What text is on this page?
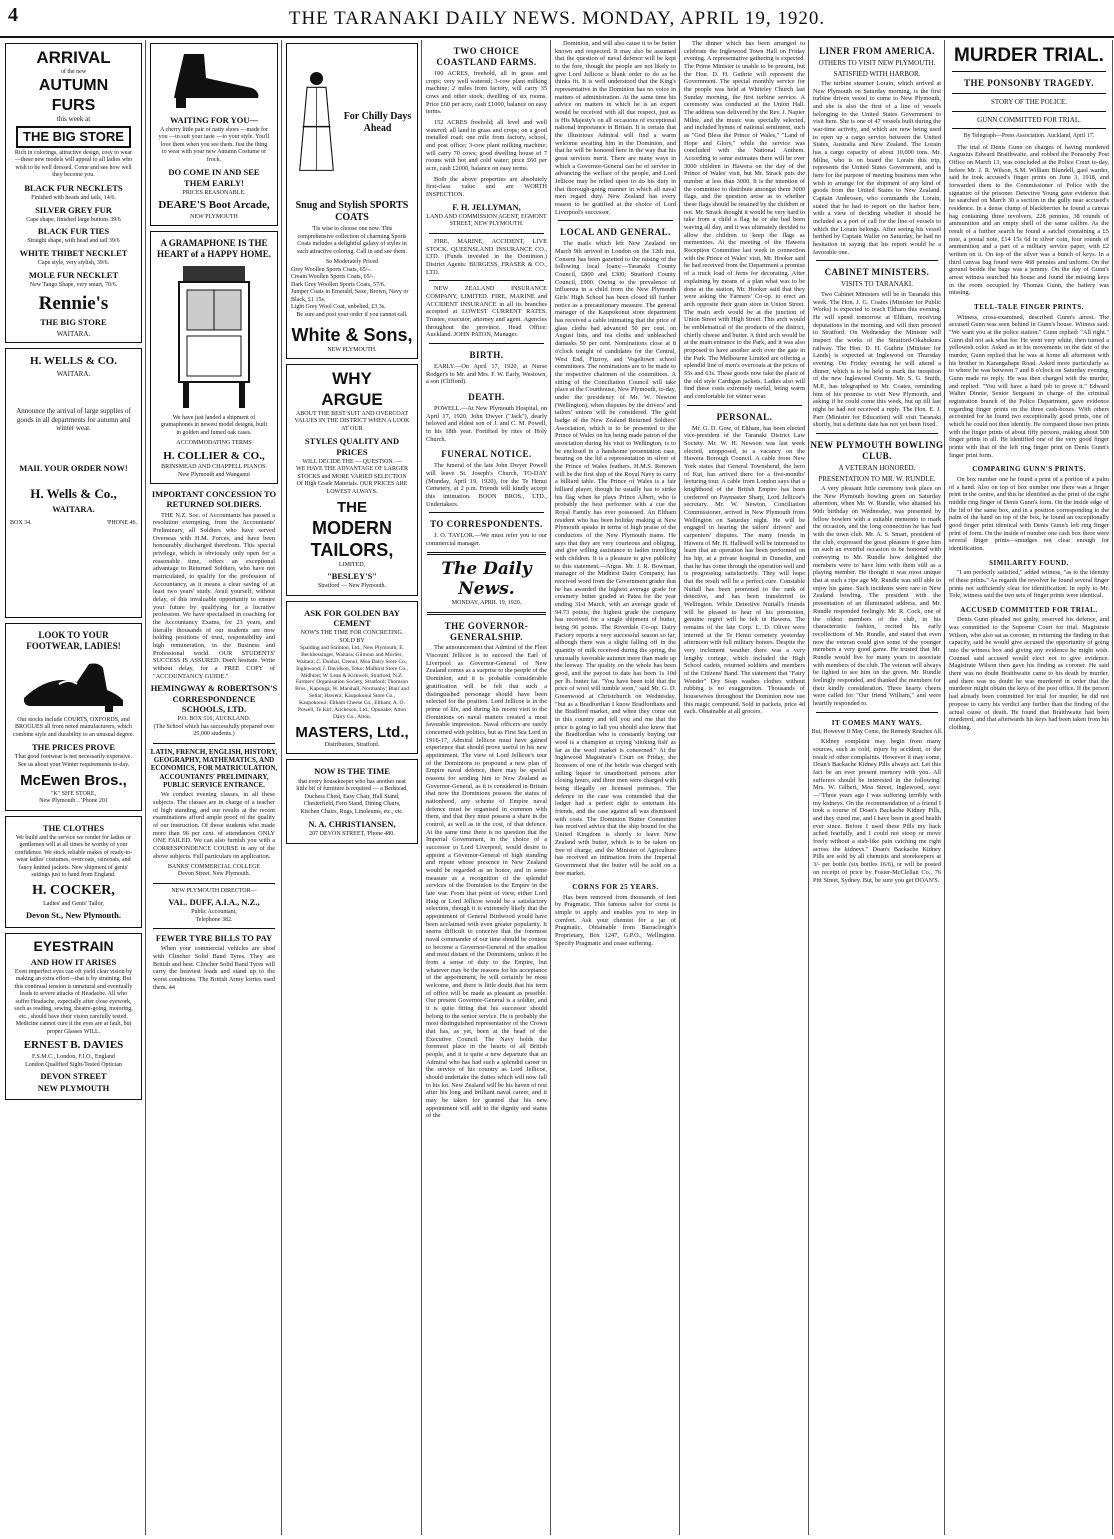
4	THE TARANAKI DAILY NEWS. MONDAY, APRIL 19, 1920.
ARRIVAL
of the new
AUTUMN
FURS
this week at
THE BIG STORE

Rich in colorings, attractive design, cosy to wear—these new models will appeal to all ladies who wish to be well dressed. Come and see how well they become you.

BLACK FUR NECKLETS
Finished with heads and tails, 14/6.
SILVER GREY FUR
Cape shape, finished large buttons 39/6
BLACK FUR TIES
Straight shape, with head and tail 39/6
WHITE THIBET NECKLET
Cape style, very stylish, 39/6.
MOLE FUR NECKLET
New Tango Shape, very smart, 70/6.
Rennie's
THE BIG STORE
WAITARA.
H. WELLS & CO.
WAITARA.

Announce the arrival of large supplies of goods in all departments for autumn and winter wear.

MAIL YOUR ORDER NOW!
H. Wells & Co.,
WAITARA.
BOX 34.	'PHONE 46.
LOOK TO YOUR FOOTWEAR, LADIES!

Our stocks include COURTS, OXFORDS, and BROGUES all from noted manufacturers, which combine style and durability to an unusual degree.

THE PRICES PROVE

That good footwear is not necessarily expensive. See us about your Winter requirements to-day.

McEwen Bros.,
"K" SH'E STORE,
New Plymouth .. 'Phone 201
THE CLOTHES

We build and the service we render for ladies or gentlemen will at all times be worthy of your confidence. We stock reliable makes of ready-to-wear ladies' costumes, overcoats, raincoats, and fancy knitted jackets. New shipment of gents' suitings just to hand from England.

H. COCKER,
Ladies' and Gents' Tailor,
Devon St., New Plymouth.
EYESTRAIN
AND HOW IT ARISES

Even imperfect eyes can oft yield clear vision by making an extra effort—that is by straining. But this continual tension is unnatural and eventually leads to severe attacks of Headache. All who suffer Headache, especially after close eyework, such as reading, sewing, theatre-going, motoring, etc., should have their vision carefully tested. Medicine cannot cure it the eyes are at fault, but proper Glasses WILL.

ERNEST B. DAVIES
F.S.M.C., London, F.I.O., England
London Qualified Sight-Tested Optician
DEVON STREET
NEW PLYMOUTH
WAITING FOR YOU—

A cherry little pair of natty shoes —made for you —to suit your taste —to your style. You'll love them when you see them. Just the thing to wear with your new Autumn Costume or frock.

DO COME IN AND SEE THEM EARLY!
PRICES REASONABLE.
DEARE'S Boot Arcade,
NEW PLYMOUTH
A GRAMAPHONE IS THE HEART of a HAPPY HOME.

We have just landed a shipment of gramaphones in newest model designs, built in golden and fumed oak cases.

ACCOMMODATING TERMS
H. COLLIER & CO.,
BRINSMEAD AND CHAPPELL PIANOS.
New Plymouth and Wanganui
IMPORTANT CONCESSION TO RETURNED SOLDIERS.

THE N.Z. Soc. of Accountants has passed a resolution exempting, from the Accountants' Preliminary, all Soldiers who have served Overseas with H.M. Forces, and have been honourably discharged therefrom. This special privilege, which is obviously only open for a reasonable time, offers an exceptional advantage to Returned Soldiers, who have not matriculated, to qualify for the profession of Accountancy, as it means a clear saving of at least two years' study. Avail yourself, without delay, of this invaluable opportunity to ensure your future by qualifying for a lucrative profession. We have specialised in coaching for the Accountancy Exams, for 23 years, and literally thousands of our students are now holding positions of trust, responsibility and high remuneration, in the Business and Professional world. OUR STUDENTS' SUCCESS IS ASSURED. Don't hesitate. Write without delay, for a FREE COPY of "ACCOUNTANCY GUIDE."

HEMINGWAY & ROBERTSON'S CORRESPONDENCE SCHOOLS, LTD.
P.O. BOX 516, AUCKLAND.
(The School which has successfully prepared over 25,000 students.)
LATIN, FRENCH, ENGLISH, HISTORY, GEOGRAPHY, MATHEMATICS, AND ECONOMICS, FOR MATRICULATION, ACCOUNTANTS' PRELIMINARY, PUBLIC SERVICE ENTRANCE.

We conduct evening classes, in all these subjects. The classes are in charge of a teacher of high standing, and our results at the recent examinations afford ample proof of the quality of our instruction. Of those students who made more than 96 per cent. of attendances ONLY ONE FAILED. We can also furnish you with a CORRESPONDENCE COURSE in any of the above subjects. Full particulars on application.

BANKS' COMMERCIAL COLLEGE
Devon Street. New Plymouth.
NEW PLYMOUTH DIRECTOR—
VAL. DUFF, A.I.A., N.Z.,
Public Accountant,
Telephone 382.
FEWER TYRE BILLS TO PAY

When your commercial vehicles are shod with Clincher Solid Band Tyres. They are British and best. Clincher Solid Band Tyres will carry the heaviest loads and stand up to the worst conditions. The British Army lorries used them. 44

For Chilly Days Ahead
Snug and Stylish SPORTS COATS

'Tis wise to choose one now. This comprehensive collection of charming Sports Coats includes a delightful galaxy of styles in such attractive coloring. Call in and see them.

So Moderately Priced
Grey Woollen Sports Coats, 65/-.
Cream Woollen Sports Coats, 65/-.
Dark Grey Woollen Sports Coats, 57/6.
Jumper Coats in Emerald, Saxe, Brown, Navy or Black, £1 15s.
Light Grey Wool Coat, unbelted, £3 3s.
Be sure and post your order if you cannot call.
White & Sons,
NEW PLYMOUTH.
WHY
ARGUE

ABOUT THE BEST SUIT AND OVERCOAT VALUES IN THE DISTRICT WHEN A LOOK AT OUR

STYLES QUALITY AND PRICES
WILL DECIDE THE — QUESTION. —

WE HAVE THE ADVANTAGE OF LARGER STOCKS and MORE VARIED SELECTION Of High Grade Materials. OUR PRICES ARE LOWEST ALWAYS.

THE
MODERN
TAILORS,
LIMITED,
"BESLEY'S"
Stratford — New Plymouth.
ASK FOR GOLDEN BAY CEMENT
NOW'S THE TIME FOR CONCRETING.
SOLD BY

Spalding and Stainton, Ltd., New Plymouth; E. Beckbessinger, Waitara; Gilmour and Morlier, Waitara; C. Dunbar, Urenui; Moa Dairy Store Co., Inglewood; J. Davidson, Toko; Midhirst Store Co., Midhirst; W. Lean & Kirkwell, Stratford; N.Z. Farmers' Organisation Society, Stratford; Thomson Bros., Kaponga; W. Marshall, Normanby; Blair and Sellar, Hawera; Kaupokonui Store Co., Kaupokonui; Eltham Cheese Co., Eltham; A. O. Powell, Te Kiri; Aitcheson, Ltd., Opunake; Alton Dairy Co., Alton.

MASTERS, Ltd.,
Distributors, Stratford.
NOW IS THE TIME

that every housekeeper who has another neat little bit of furniture is required — a Bedstead, Duchess Chest, Easy Chair, Hall Stand, Chesterfield, Fern Stand, Dining Chairs, Kitchen Chairs, Rugs, Linoleums, etc., etc.

N. A. CHRISTIANSEN,
207 DEVON STREET, 'Phone 480.
TWO CHOICE COASTLAND FARMS.

100 ACRES, freehold, all in grass and crops; very well watered; 3-cow plant milking machine; 2 miles from factory, will carry 35 cows and other stock; dwelling of six rooms. Price £60 per acre, cash £1000, balance on easy terms.

152 ACRES freehold; all level and well watered; all land in grass and crops; on a good metalled road; one mile from factory, school, and post office; 3-cow plant milking machine; will carry 70 cows; good dwelling house of 7 rooms with hot and cold water; price £60 per acre, cash £2000, balance on easy terms.

Both the above properties are absolutely first-class value and are WORTH INSPECTION.

F. H. JELLYMAN,
LAND AND COMMISSION AGENT, EGMONT STREET, NEW PLYMOUTH.

FIRE, MARINE, ACCIDENT, LIVE STOCK. QUEENSLAND INSURANCE CO., LTD. (Funds invested in the Dominion.) District Agents: BURGESS, FRASER & CO., LTD.

NEW ZEALAND INSURANCE COMPANY, LIMITED. FIRE, MARINE and ACCIDENT INSURANCE in all its branches accepted at LOWEST CURRENT RATES. Trustee, executor, attorney and agent. Agencies throughout the province. Head Office: Auckland. JOHN PATON, Manager.

BIRTH.

EARLY.—On April 17, 1920, at Nurse Rodger's to Mr. and Mrs. F. W. Early, Westown, a son (Clifford).

DEATH.

POWELL.—At New Plymouth Hospital, on April 17, 1920, John Dwyer ("Jack"), dearly beloved and eldest son of J. and C. M. Powell, in his 18th year. Fortified by rites of Holy Church.

FUNERAL NOTICE.

The funeral of the late John Dwyer Powell will leave St. Joseph's Church, TO-DAY (Monday, April 19, 1920), for the Te Henui Cemetery, at 2 p.m. Friends will kindly accept this intimation. BOON BROS., LTD., Undertakers.

TO CORRESPONDENTS.

J. O. TAYLOR.—We must refer you to our commercial manager.

The Daily News.
MONDAY, APRIL 19, 1920.
THE GOVERNOR-GENERALSHIP.

The announcement that Admiral of the Fleet Viscount Jellicoe is to succeed the Earl of Liverpool as Governor-General of New Zealand comes as a surprise to the people of the Dominion, and it is probable considerable gratification will be felt that such a distinguished personage should have been selected for the position. Lord Jellicoe is in the prime of life, and during his recent visit to the Dominions on naval matters created a most favorable impression. Naval officers are rarely concerned with politics, but as First Sea Lord in 1916-17, Admiral Jellicoe must have gained experience that should prove useful in his new appointment. The view of Lord Jellicoe's tour of the Dominions to propound a new plan of Empire naval defence, there may be special reasons for sending him to New Zealand as Governor-General, as it is considered in Britain that now the Dominions possess the status of nationhood, any scheme of Empire naval defence must be organised in common with them, and that they must possess a share in the control, as well as in the cost, of that defence. At the same time there is no question that the Imperial Government, in the choice of a successor to Lord Liverpool, would desire to appoint a Governor-General of high standing and repute whose presence in New Zealand would be regarded as an honor, and in some measure as a recognition of the splendid services of the Dominion to the Empire in the late war. From that point of view, either Lord Haig or Lord Jellicoe would be a satisfactory selection, though it is extremely likely that the appointment of General Birdwood would have been acclaimed with even greater popularity. It seems difficult to conceive that the foremost naval commander of our time should be content to become a Governor-General of the smallest and most distant of the Dominions, unless it be from a sense of duty to the Empire, but whatever may be the reasons for his acceptance of the appointment, he will certainly be most welcome, and there is little doubt that his term of office will be made as pleasant as possible. Our present Governor-General is a soldier, and it is quite fitting that his successor should belong to the senior service. He is probably the most distinguished representative of the Crown that has, as yet, been at the head of the Executive Council. The Navy holds the foremost place in the hearts of all British people, and it is quite a new departure that an Admiral who has had such a splendid career in the service of his country as Lord Jellicoe, should undertake the duties which will now fall to his lot. New Zealand will be his haven of rest after his long and brilliant naval career, and it may be taken for granted that his new appointment will add to the dignity and status of the

Dominion, and will also cause it to be better known and respected. It may also be assumed that the question of naval defence will be kept to the fore, though the people are not likely to give Lord Jellicoe a blank order to do as he thinks fit. It is well understood that the King's representative in the Dominion has no voice in matters of administration. At the same time his advice on matters in which he is an expert would be received with all due respect, just as is His Majesty's on all occasions of exceptional national importance in Britain. It is certain that the illustrious Admiral will find a warm welcome awaiting him in the Dominion, and that he will be honored here in the way that his great services merit. There are many ways in which a Governor-General can be of service in advancing the welfare of the people, and Lord Jellicoe may be relied upon to do his duty in that thorough-going manner in which all naval men regard duty. New Zealand has every reason to be gratified at the choice of Lord Liverpool's successor.

LOCAL AND GENERAL.

The mails which left New Zealand on March 9th arrived in London on the 12th inst. Consent has been gazetted to the raising of the following local loans:—Taranaki County Council, £800 and £300; Stratford County Council, £900. Owing to the prevalence of influenza in a child from the New Plymouth Girls' High School has been closed till further notice as a precautionary measure. The general manager of the Kaupokonui store department has received a cable intimating that the price of glass cloths had advanced 50 per cent. on August lists, and tea cloths and unbleached damasks 50 per cent. Nominations close at 8 o'clock tonight of candidates for the Central, West End, Fitzroy, and Vogeltown school committees. The nominations are to be made to the respective chairmen of the committees. A sitting of the Conciliation Council will take place at the Courthouse, New Plymouth, to-day, under the presidency of Mr. W. Newton (Wellington), when disputes by the drivers' and tailors' unions will be considered. The gold badge of the New Zealand Returned Soldiers' Association, which is to be presented to the Prince of Wales on his being made patron of the association during his visit to Wellington, is to be enclosed in a handsome presentation case, bearing on the lid a representation in silver of the Prince of Wales feathers. H.M.S. Renown will be the first ship of the Royal Navy to carry a billiard table. The Prince of Wales is a fair billiard player, though he usually has to strike his flag when he plays Prince Albert, who is probably the best performer with a cue the Royal Family has ever possessed. An Eltham resident who has been holiday making at New Plymouth speaks in terms of high praise of the conductors of the New Plymouth trams. He says that they are very courteous and obliging, and give willing assistance to ladies travelling with children. It is a pleasure to give publicity to this statement.—Argus. Mr. J. R. Bowman, manager of the Midhirst Dairy Company, has received word from the Government grader that he has awarded the highest average grade for creamery butter graded at Patea for the year ending 31st March, with an average grade of 94.73 points, the highest grade the company has received for a single shipment of butter, being 96 points. The Riverdale Co-op. Dairy Factory reports a very successful season so far, although there was a slight falling off in the quantity of milk received during the spring, the unusually favorable autumn more than made up the leeway. The quality on the whole has been good, and the payout to date has been 1s 10d per lb. butter fat. "You have been told that the price of wool will tumble soon," said Mr. G. D. Greenwood at Christchurch on Wednesday, "but as a Bradfordian I know Bradfordians and the Bradford market, and when they come out in this country and tell you and me that the price is going to fall you should also know that the Bradfordian who is constantly buying our wool is a champion at crying 'stinking fish' as far as the wool market is concerned." At the Inglewood Magistrate's Court on Friday, the licensees of one of the hotels was charged with selling liquor to unauthorised persons after closing hours, and three men were charged with being illegally on licensed premises. The defence in the case was contended that the lodger had a perfect right to entertain his friends, and the case against all was dismissed with costs. The Dominion Butter Committee has received advice that the ship bound for the United Kingdom is shortly to leave New Zealand with butter, which is to be taken on free of charge, and the Minister of Agriculture has received an intimation from the Imperial Government that the butter will be sold on a free market.

CORNS FOR 25 YEARS.

Has been removed from thousands of feet by Pragmatic. This famous salve for corns is simple to apply and enables you to step in comfort. Ask your chemist for a jar of Pragmatic. Obtainable from Barraclough's Proprietary, Box 1247, G.P.O., Wellington. Specify Pragmatic and cease suffering.

The dinner which has been arranged to celebrate the Inglewood Town Hall on Friday evening. A representative gathering is expected. The Prime Minister is unable to be present, but the Hon. D. H. Guthrie will represent the Government. The special monthly service for the people was held at Whiteley Church last Sunday morning, the first turbine service. A ceremony was conducted at the Union Hall. The address was delivered by the Rev. J. Napier Milne, and the music was specially selected, and included hymns of national sentiment, such as "God Bless the Prince of Wales," "Land of Hope and Glory," while the service was concluded with the National Anthem. According to some estimates there will be over 3000 children in Hawera on the day of the Prince of Wales' visit, but Mr. Strack puts the number at less than 3000. It is the intention of the committee to distribute amongst them 3000 flags, and the question arose as to whether these flags should be retained by the children or not. Mr. Strack thought it would be very hard to take from a child a flag he or she had been waving all day, and it was ultimately decided to allow the children to keep the flags as mementoes. At the meeting of the Hawera Reception Committee last week in connection with the Prince of Wales' visit, Mr. Hooker said he had received from the Department a promise of a truck load of ferns for decorating. After explaining by means of a plan what was to be done at the station, Mr. Hooker said that they were asking the Farmers' Co-op. to erect an arch opposite their grain store in Union Street. The main arch would be at the junction of Union Street with High Street. This arch would be emblematical of the products of the district, chiefly cheese and butter. A third arch would be at the main entrance to the Park, and it was also proposed to have another arch over the gate in the Park. The Melbourne Limited are offering a splendid line of men's overcoats at the prices of 55s and 63s. These goods now take the place of the old style Cardigan jackets. Ladies also will find these costs extremely useful, being warm and comfortable for winter wear.

PERSONAL.

Mr. G. D. Gow, of Eltham, has been elected vice-president of the Taranaki District Law Society. Mr. W. H. Newson was last week elected, unopposed, to a vacancy on the Hawera Borough Council. A cable from New York states that General Townshend, the hero of Kut, has arrived there for a five-months' lecturing tour. A cable from London says that a knighthood of the British Empire has been conferred on Paymaster Sharp, Lord Jellicoe's secretary. Mr. W. Newton, Conciliation Commissioner, arrived in New Plymouth from Wellington on Saturday night. He will be engaged in hearing the tailors' drivers' and carpenters' disputes. The many friends in Hawera of Mr. H. Halliwell will be interested to learn that an operation has been performed on his hip, at a private hospital in Dunedin, and that he has come through the operation well and is progressing satisfactorily. They will hope that the result will be a perfect cure. Constable Nuttall has been promoted to the rank of detective, and has been transferred to Wellington. While Detective Nuttall's friends will be pleased to hear of his promotion, genuine regret will be felt in Hawera. The remains of the late Corp. L. D. Oliver were interred at the Te Henui cemetery yesterday afternoon with full military honors. Despite the very inclement weather there was a very lengthy cortege, which included the High School cadets, returned soldiers and members of the Citizens' Band. The statement that "Fairy Wonder" Dry Soap washes clothes without rubbing is no exaggeration. Thousands of housewives throughout the Dominion now use this magic compound. Sold in packets, price 4d each. Obtainable at all grocers.

LINER FROM AMERICA.
OTHERS TO VISIT NEW PLYMOUTH.
SATISFIED WITH HARBOR.

The turbine steamer Lorain, which arrived at New Plymouth on Saturday morning, is the first turbine driven vessel to come to New Plymouth, and she is also the first of a line of vessels belonging to the United States Government to visit here. She is one of 47 vessels built during the war-time activity, and which are now being used to open up a cargo service between the United States, Australia and New Zealand. The Lorain has a cargo capacity of about 10,000 tons. Mr. Milne, who is on board the Lorain this trip, represents the United States Government, and is here for the purpose of meeting business men who wish to arrange for the shipment of any kind of goods from the United States to New Zealand. Captain Ambrosen, who commands the Lorain, stated that he had to report on the harbor here, with a view of deciding whether it should be included as a port of call for the line of vessels to which the Lorain belongs. After seeing his vessel berthed by Captain Waller on Saturday, he had no hesitation in saying that his report would be a favorable one.

CABINET MINISTERS.
VISITS TO TARANAKI.

Two Cabinet Ministers will be in Taranaki this week. The Hon. J. G. Coates (Minister for Public Works) is expected to reach Eltham this evening. He will spend tomorrow at Eltham, receiving deputations in the morning, and will then proceed to Stratford. On Wednesday the Minister will inspect the works of the Stratford-Okahukura railway. The Hon. D. H. Guthrie (Minister for Lands) is expected at Inglewood on Thursday evening. On Friday evening he will attend a dinner, which is to be held to mark the inception of the new Inglewood County. Mr. S. G. Smith, M.P., has telegraphed to Mr. Coates, reminding him of his promise to visit New Plymouth, and asking if he could come this week, but up till last night he had not received a reply. The Hon. E. J. Parr (Minister for Education) will visit Taranaki shortly, but a definite date has not yet been fixed.

NEW PLYMOUTH BOWLING CLUB.
A VETERAN HONORED.
PRESENTATION TO MR. W. RUNDLE.

A very pleasant little ceremony took place on the New Plymouth bowling green on Saturday afternoon, when Mr. W. Rundle, who attained his 90th birthday on Wednesday, was presented by fellow bowlers with a suitable memento to mark the occasion, and the long connection he has had with the town club. Mr. A. S. Smart, president of the club, expressed the great pleasure it gave him on such an eventful occasion to be honored with conveying to Mr. Rundle how delighted the members were to have him with them still as a playing member. He thought it was most unique that at such a ripe age Mr. Rundle was still able to enjoy his game. Such incidents were rare in New Zealand bowling. The president with the presentation of an illuminated address, and Mr. Rundle responded feelingly. Mr. R. Cock, one of the oldest members of the club, in his characteristic fashion, recited his early recollections of Mr. Rundle, and stated that even now the veteran could give some of the younger members a very good game. He trusted that Mr. Rundle would live for many years to associate with members of the club. The veteran will always be lighted to see him on the green. Mr. Rundle feelingly responded, and thanked the members for their kindly consideration. Three hearty cheers were called for "Our friend William," and were heartily responded to.

IT COMES MANY WAYS.
But, However It May Come, the Remedy Reaches All.

Kidney complaint may begin from many sources, such as cold, injury by accident, or the result of other complaints. However it may come, Doan's Backache Kidney Pills always act. Let this fact be an ever present memory with you. All sufferers should be interested in the following: Mrs. W. Gilbert, Moa Street, Inglewood, says:—"Three years ago I was suffering terribly with my kidneys. On the recommendation of a friend I took a course of Doan's Backache Kidney Pills, and they cured me, and I have been in good health ever since. Before I used these Pills my back ached fearfully, and I could not stoop or move freely without a stab-like pain catching me right across the kidneys." Doan's Backache Kidney Pills are sold by all chemists and storekeepers at 3/- per bottle (six bottles 16/6), or will be posted on receipt of price by Foster-McClellan Co., 76 Pitt Street, Sydney. But, be sure you get DOAN'S.

MURDER TRIAL.
THE PONSONBY TRAGEDY.
STORY OF THE POLICE.
GUNN COMMITTED FOR TRIAL.
By Telegraph—Press Association. Auckland, April 17.

The trial of Denis Gunn on charges of having murdered Augustus Edward Braithwaite, and robbed the Ponsonby Post Office on March 13, was concluded at the Police Court to-day, before Mr. J. R. Wilson, S.M. William Blundell, gaol warder, said he took accused's finger prints on June 3, 1918, and forwarded them to the Commissioner of Police with the signature of the prisoner. Detective Young gave evidence that he searched on March 30 a section in the gully near accused's residence. In a dense clump of blackberries he found a canvas bag containing three revolvers, 228 pennies, 38 rounds of ammunition and an empty shell of the same calibre. As the result of a further search he found a satchel containing a £5 note, a postal note, £14 15s 6d in silver coin, four rounds of ammunition and a part of a military service paper, with £2 written on it. On top of the silver was a bunch of keys. In a third canvas bag found were 468 pennies and unform. On the ground beside the bags was a jemmy. On the day of Gunn's arrest witness searched his house and found the missing keys in the room occupied by Thomas Gunn, the battery was missing.

TELL-TALE FINGER PRINTS.

Witness, cross-examined, described Gunn's arrest. The accused Gunn was seen behind in Gunn's house. Witness said: "We want you at the police station." Gunn replied: "All right." Gunn did not ask what for. He went very white, then turned a yellowish color. Asked as to his movements on the date of the murder, Gunn replied that he was at home all afternoon with his brother in Karangahape Road. Asked more particularly as to where he was between 7 and 8 o'clock on Saturday evening, Gunn made no reply. He was then charged with the murder, and replied: "You will have a hard job to prove it." Edward Walter Dinnie, Senior Sergeant in charge of the criminal registration branch of the Police Department, gave evidence regarding finger prints on the three cash-boxes. With others accounted for he found two exceptionally good prints, one of which he could not then identify. He compared those two prints with the finger prints of about fifty persons, making about 500 finger prints in all. He identified one of the very good finger prints with that of the left ring finger print on Denis Gunn's finger print form.

COMPARING GUNN'S PRINTS.

On box number one he found a print of a portion of a palm of a hand. Also on top of box number one there was a finger print in the centre, and this he identified as the print of the right middle ring finger of Denis Gunn's form. On the inside edge of the lid of the same box, and in a position corresponding to the palm of the hand on top of the box, he found an exceptionally good finger print identical with Denis Gunn's left ring finger print of form. On the inside of number one cash box there were several finger prints—smudges not clear enough for identification.

SIMILARITY FOUND.

"I am perfectly satisfied," added witness, "as to the identity of these prints." As regards the revolver he found several finger prints not sufficiently clear for identification. In reply to Mr. Tole, witness said the two sets of finger prints were identical.

ACCUSED COMMITTED FOR TRIAL.

Denis Gunn pleaded not guilty, reserved his defence, and was committed to the Supreme Court for trial. Magistrate Wilson, who also sat as coroner, in returning the finding in that capacity, said he would give accused the opportunity of going into the witness box and giving any evidence he might wish. Counsel said accused would elect not to give evidence. Magistrate Wilson then gave his finding as coroner. He said there was no doubt Braithwaite came to his death by murder, and there was no doubt he was murdered in order that the murderer might obtain the keys of the post office. If the person had already been committed for trial for murder, he did not propose to carry his verdict any further than the finding of the actual cause of death. He found that Braithwaite had been murdered, and that afterwards his keys had been taken from his clothing.
